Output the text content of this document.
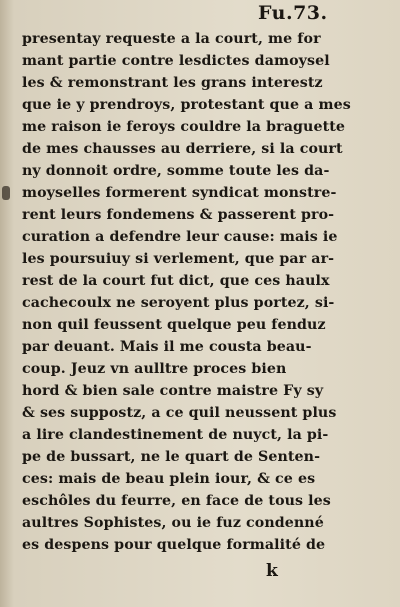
Fu.73.
presentay requeste a la court, me for
mant partie contre lesdictes damoysel
les & remonstrant les grans interestz
que ie y prendroys, protestant que a mes
me raison ie feroys couldre la braguette
de mes chausses au derriere, si la court
ny donnoit ordre, somme toute les da-
moyselles formerent syndicat monstre-
rent leurs fondemens & passerent pro-
curation a defendre leur cause: mais ie
les poursuiuy si verlement, que par ar-
rest de la court fut dict, que ces haulx
cachecoulx ne seroyent plus portez, si-
non quil feussent quelque peu fenduz
par deuant. Mais il me cousta beau-
coup. Jeuz vn aulltre proces bien
hord & bien sale contre maistre Fy sy
& ses suppostz, a ce quil neussent plus
a lire clandestinement de nuyct, la pi-
pe de bussart, ne le quart de Senten-
ces: mais de beau plein iour, & ce es
eschôles du feurre, en face de tous les
aultres Sophistes, ou ie fuz condenné
es despens pour quelque formalité de
k
